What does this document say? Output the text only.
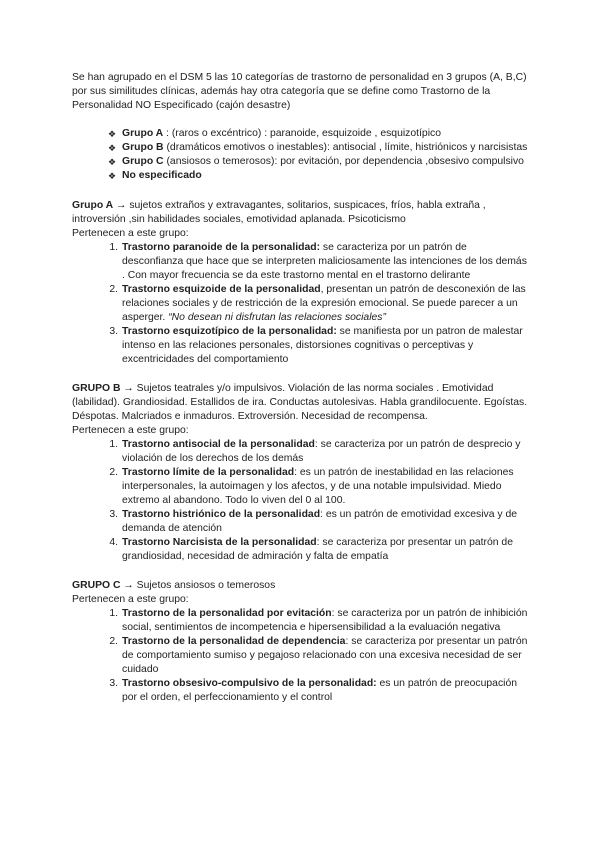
Se han agrupado en el DSM 5 las 10 categorías de trastorno de personalidad en 3 grupos (A, B,C) por sus similitudes clínicas, además hay otra categoría que se define como Trastorno de la Personalidad NO Especificado (cajón desastre)

❖ Grupo A : (raros o excéntrico) : paranoide, esquizoide , esquizotípico
❖ Grupo B (dramáticos emotivos o inestables): antisocial , límite, histriónicos y narcisistas
❖ Grupo C (ansiosos o temerosos): por evitación, por dependencia ,obsesivo compulsivo
❖ No especificado

Grupo A → sujetos extraños y extravagantes, solitarios, suspicaces, fríos, habla extraña , introversión ,sin habilidades sociales, emotividad aplanada. Psicoticismo

Pertenecen a este grupo:

1. Trastorno paranoide de la personalidad: se caracteriza por un patrón de desconfianza que hace que se interpreten maliciosamente las intenciones de los demás . Con mayor frecuencia se da este trastorno mental en el trastorno delirante
2. Trastorno esquizoide de la personalidad, presentan un patrón de desconexión de las relaciones sociales y de restricción de la expresión emocional. Se puede parecer a un asperger. “No desean ni disfrutan las relaciones sociales”
3. Trastorno esquizotípico de la personalidad: se manifiesta por un patron de malestar intenso en las relaciones personales, distorsiones cognitivas o perceptivas y excentricidades del comportamiento

GRUPO B → Sujetos teatrales y/o impulsivos. Violación de las norma sociales . Emotividad (labilidad). Grandiosidad. Estallidos de ira. Conductas autolesivas. Habla grandilocuente. Egoístas. Déspotas. Malcriados e inmaduros. Extroversión. Necesidad de recompensa.

Pertenecen a este grupo:

1. Trastorno antisocial de la personalidad: se caracteriza por un patrón de desprecio y violación de los derechos de los demás
2. Trastorno límite de la personalidad: es un patrón de inestabilidad en las relaciones interpersonales, la autoimagen y los afectos, y de una notable impulsividad. Miedo extremo al abandono. Todo lo viven del 0 al 100.
3. Trastorno histriónico de la personalidad: es un patrón de emotividad excesiva y de demanda de atención
4. Trastorno Narcisista de la personalidad: se caracteriza por presentar un patrón de grandiosidad, necesidad de admiración y falta de empatía

GRUPO C → Sujetos ansiosos o temerosos

Pertenecen a este grupo:

1. Trastorno de la personalidad por evitación: se caracteriza por un patrón de inhibición social, sentimientos de incompetencia e hipersensibilidad a la evaluación negativa
2. Trastorno de la personalidad de dependencia: se caracteriza por presentar un patrón de comportamiento sumiso y pegajoso relacionado con una excesiva necesidad de ser cuidado
3. Trastorno obsesivo-compulsivo de la personalidad: es un patrón de preocupación por el orden, el perfeccionamiento y el control
